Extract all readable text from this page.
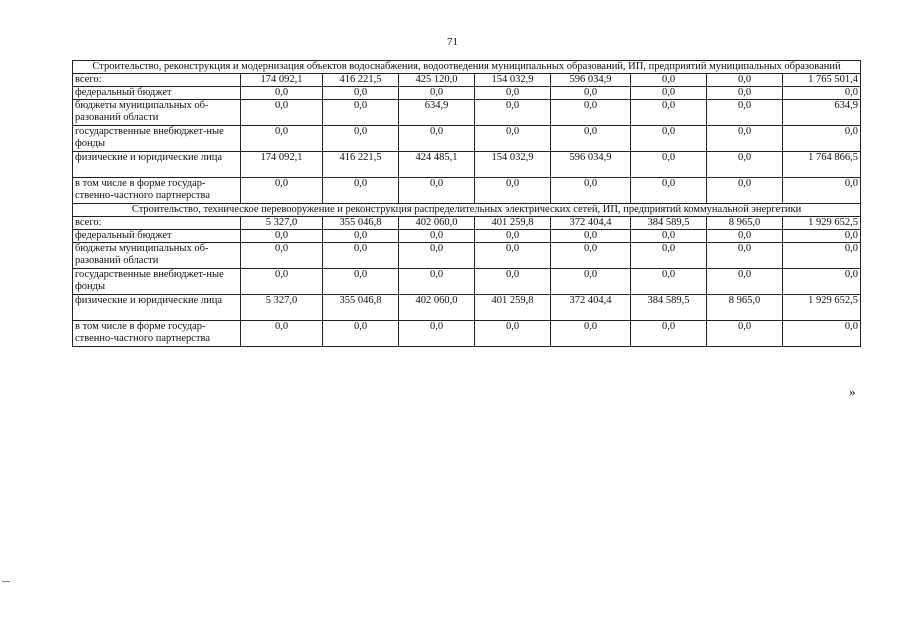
71
Строительство, реконструкция и модернизация объектов водоснабжения, водоотведения муниципальных образований, ИП, предприятий муниципальных образований								
всего:	174 092,1	416 221,5	425 120,0	154 032,9	596 034,9	0,0	0,0	1 765 501,4
федеральный бюджет	0,0	0,0	0,0	0,0	0,0	0,0	0,0	0,0
бюджеты муниципальных об-разований области	0,0	0,0	634,9	0,0	0,0	0,0	0,0	634,9
государственные внебюджет-ные фонды	0,0	0,0	0,0	0,0	0,0	0,0	0,0	0,0
физические и юридические лица	174 092,1	416 221,5	424 485,1	154 032,9	596 034,9	0,0	0,0	1 764 866,5
в том числе в форме государ-ственно-частного партнерства	0,0	0,0	0,0	0,0	0,0	0,0	0,0	0,0
Строительство, техническое перевооружение и реконструкция распределительных электрических сетей, ИП, предприятий коммунальной энергетики								
всего:	5 327,0	355 046,8	402 060,0	401 259,8	372 404,4	384 589,5	8 965,0	1 929 652,5
федеральный бюджет	0,0	0,0	0,0	0,0	0,0	0,0	0,0	0,0
бюджеты муниципальных об-разований области	0,0	0,0	0,0	0,0	0,0	0,0	0,0	0,0
государственные внебюджет-ные фонды	0,0	0,0	0,0	0,0	0,0	0,0	0,0	0,0
физические и юридические лица	5 327,0	355 046,8	402 060,0	401 259,8	372 404,4	384 589,5	8 965,0	1 929 652,5
в том числе в форме государ-ственно-частного партнерства	0,0	0,0	0,0	0,0	0,0	0,0	0,0	0,0
»
